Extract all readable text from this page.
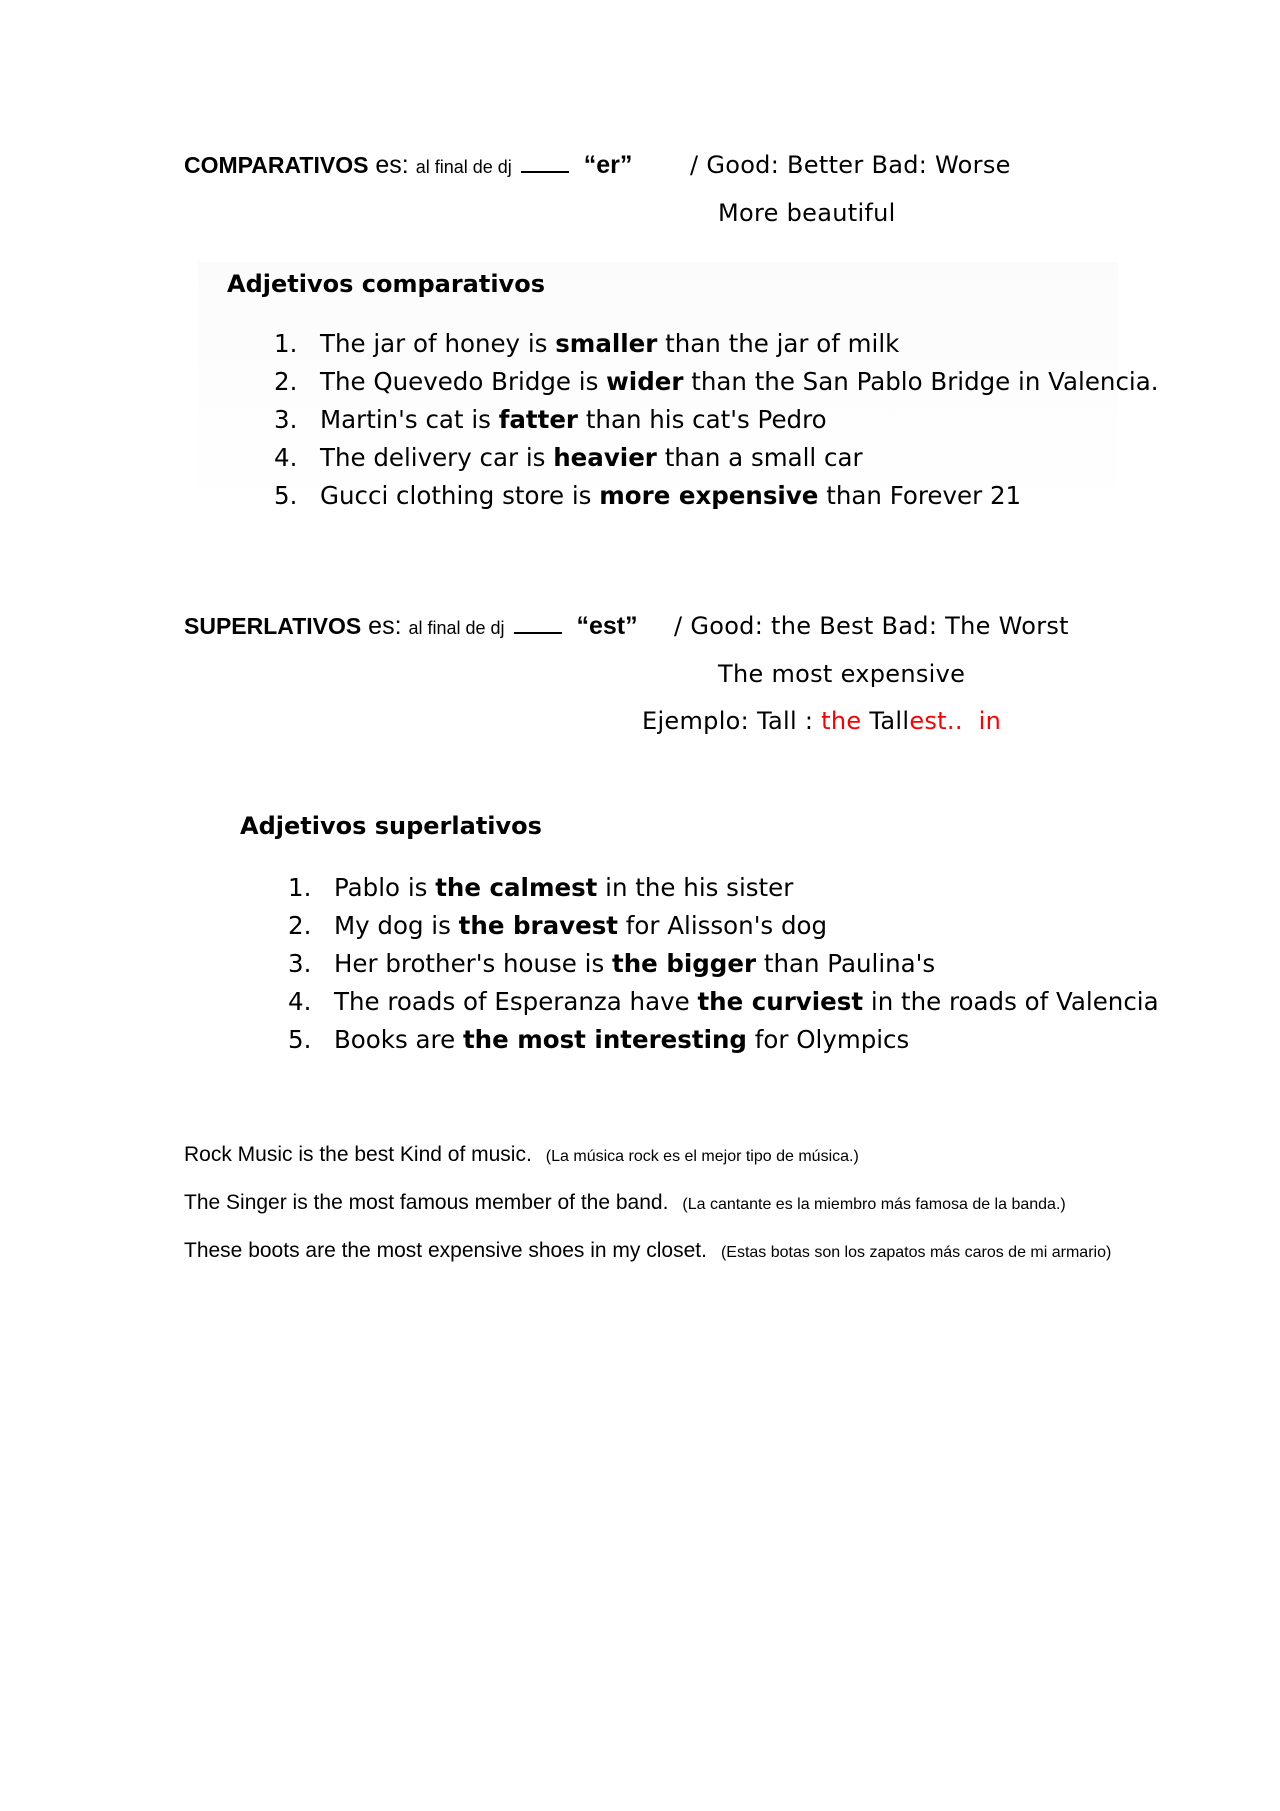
COMPARATIVOS es: al final de dj	“er” / Good: Better Bad: Worse
More beautiful
Adjetivos comparativos
1. The jar of honey is smaller than the jar of milk
2. The Quevedo Bridge is wider than the San Pablo Bridge in Valencia.
3. Martin's cat is fatter than his cat's Pedro
4. The delivery car is heavier than a small car
5. Gucci clothing store is more expensive than Forever 21
SUPERLATIVOS es: al final de dj	“est” / Good: the Best Bad: The Worst
The most expensive
Ejemplo: Tall : the Tallest.. in
Adjetivos superlativos
1. Pablo is the calmest in the his sister
2. My dog is the bravest for Alisson's dog
3. Her brother's house is the bigger than Paulina's
4. The roads of Esperanza have the curviest in the roads of Valencia
5. Books are the most interesting for Olympics
Rock Music is the best Kind of music. (La música rock es el mejor tipo de música.)
The Singer is the most famous member of the band. (La cantante es la miembro más famosa de la banda.)
These boots are the most expensive shoes in my closet. (Estas botas son los zapatos más caros de mi armario)
